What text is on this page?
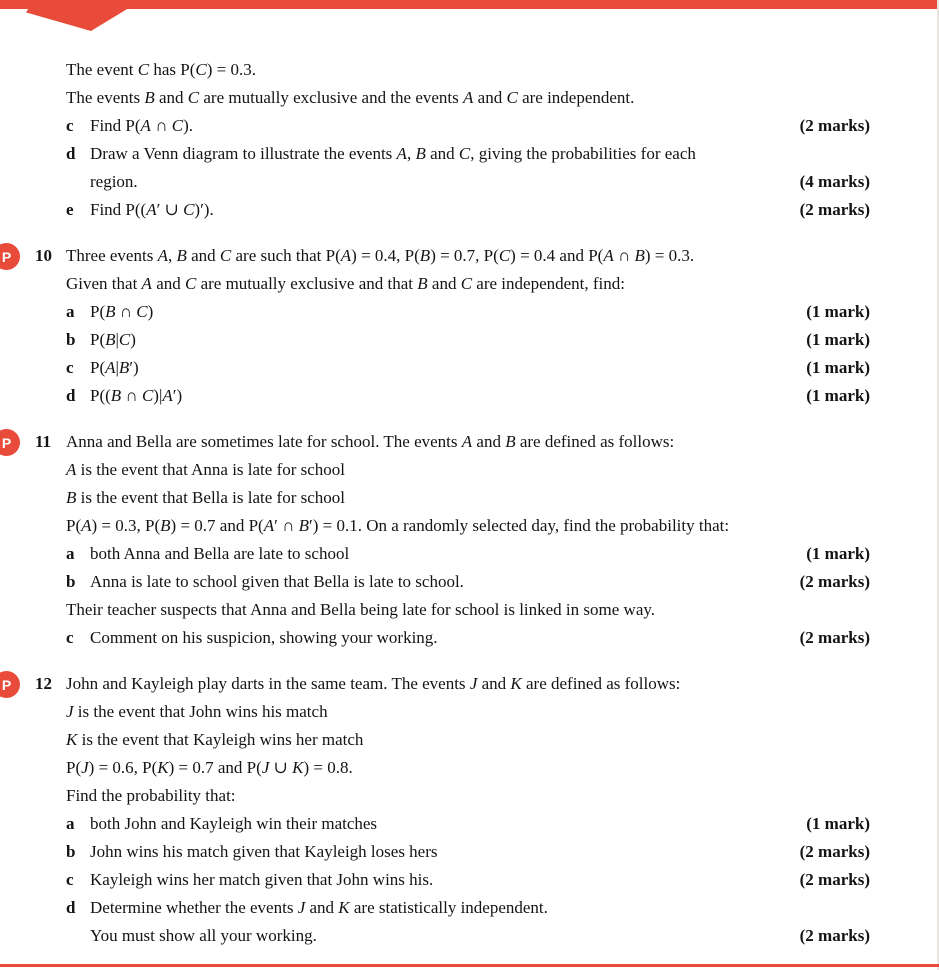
The event C has P(C) = 0.3.
The events B and C are mutually exclusive and the events A and C are independent.
c Find P(A ∩ C).	(2 marks)
d Draw a Venn diagram to illustrate the events A, B and C, giving the probabilities for each
region.	(4 marks)
e Find P((A′ ∪ C)′).	(2 marks)
P	10 Three events A, B and C are such that P(A) = 0.4, P(B) = 0.7, P(C) = 0.4 and P(A ∩ B) = 0.3.
Given that A and C are mutually exclusive and that B and C are independent, find:
a P(B ∩ C)	(1 mark)
b P(B|C)	(1 mark)
c P(A|B′)	(1 mark)
d P((B ∩ C)|A′)	(1 mark)
P	11 Anna and Bella are sometimes late for school. The events A and B are defined as follows:
A is the event that Anna is late for school
B is the event that Bella is late for school
P(A) = 0.3, P(B) = 0.7 and P(A′ ∩ B′) = 0.1. On a randomly selected day, find the probability that:
a both Anna and Bella are late to school	(1 mark)
b Anna is late to school given that Bella is late to school.	(2 marks)
Their teacher suspects that Anna and Bella being late for school is linked in some way.
c Comment on his suspicion, showing your working.	(2 marks)
P	12 John and Kayleigh play darts in the same team. The events J and K are defined as follows:
J is the event that John wins his match
K is the event that Kayleigh wins her match
P(J) = 0.6, P(K) = 0.7 and P(J ∪ K) = 0.8.
Find the probability that:
a both John and Kayleigh win their matches	(1 mark)
b John wins his match given that Kayleigh loses hers	(2 marks)
c Kayleigh wins her match given that John wins his.	(2 marks)
d Determine whether the events J and K are statistically independent.
You must show all your working.	(2 marks)
